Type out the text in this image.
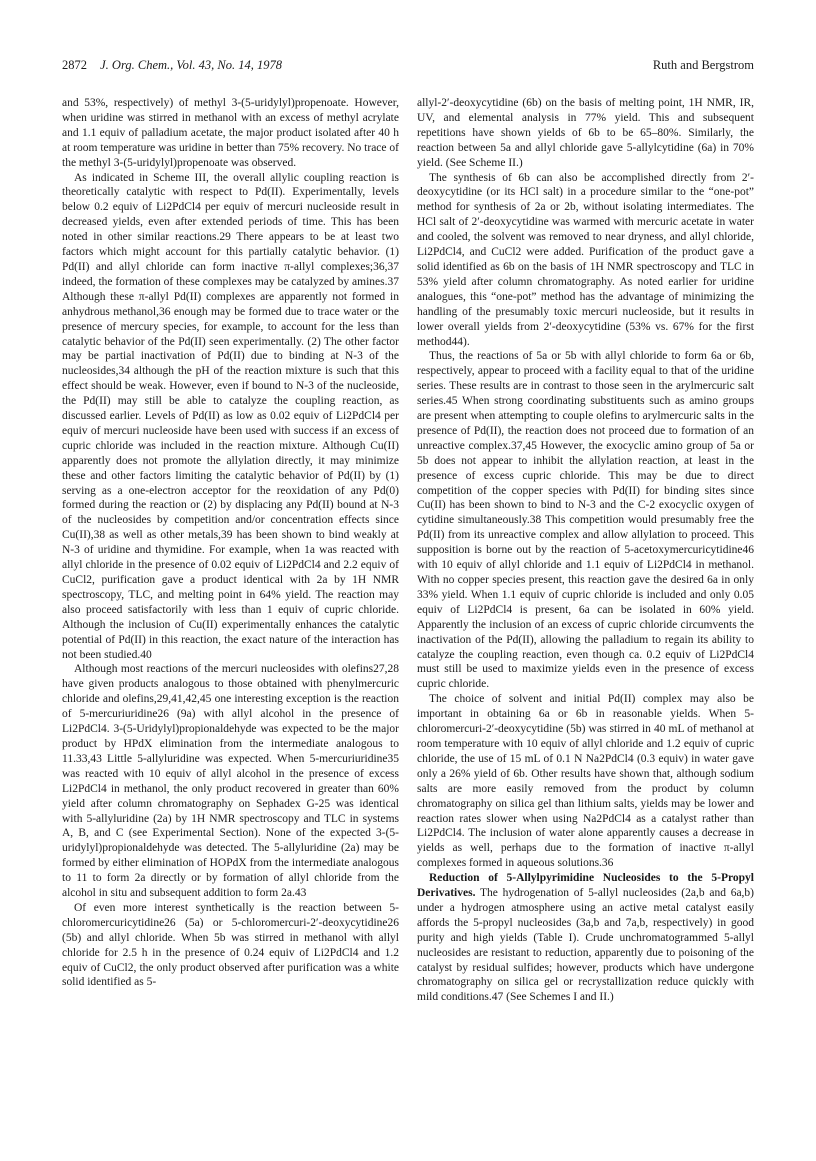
2872 J. Org. Chem., Vol. 43, No. 14, 1978	Ruth and Bergstrom

and 53%, respectively) of methyl 3-(5-uridylyl)propenoate. However, when uridine was stirred in methanol with an excess of methyl acrylate and 1.1 equiv of palladium acetate, the major product isolated after 40 h at room temperature was uridine in better than 75% recovery. No trace of the methyl 3-(5-uridylyl)propenoate was observed.

As indicated in Scheme III, the overall allylic coupling reaction is theoretically catalytic with respect to Pd(II). Experimentally, levels below 0.2 equiv of Li2PdCl4 per equiv of mercuri nucleoside result in decreased yields, even after extended periods of time. This has been noted in other similar reactions.29 There appears to be at least two factors which might account for this partially catalytic behavior. (1) Pd(II) and allyl chloride can form inactive π-allyl complexes;36,37 indeed, the formation of these complexes may be catalyzed by amines.37 Although these π-allyl Pd(II) complexes are apparently not formed in anhydrous methanol,36 enough may be formed due to trace water or the presence of mercury species, for example, to account for the less than catalytic behavior of the Pd(II) seen experimentally. (2) The other factor may be partial inactivation of Pd(II) due to binding at N-3 of the nucleosides,34 although the pH of the reaction mixture is such that this effect should be weak. However, even if bound to N-3 of the nucleoside, the Pd(II) may still be able to catalyze the coupling reaction, as discussed earlier. Levels of Pd(II) as low as 0.02 equiv of Li2PdCl4 per equiv of mercuri nucleoside have been used with success if an excess of cupric chloride was included in the reaction mixture. Although Cu(II) apparently does not promote the allylation directly, it may minimize these and other factors limiting the catalytic behavior of Pd(II) by (1) serving as a one-electron acceptor for the reoxidation of any Pd(0) formed during the reaction or (2) by displacing any Pd(II) bound at N-3 of the nucleosides by competition and/or concentration effects since Cu(II),38 as well as other metals,39 has been shown to bind weakly at N-3 of uridine and thymidine. For example, when 1a was reacted with allyl chloride in the presence of 0.02 equiv of Li2PdCl4 and 2.2 equiv of CuCl2, purification gave a product identical with 2a by 1H NMR spectroscopy, TLC, and melting point in 64% yield. The reaction may also proceed satisfactorily with less than 1 equiv of cupric chloride. Although the inclusion of Cu(II) experimentally enhances the catalytic potential of Pd(II) in this reaction, the exact nature of the interaction has not been studied.40

Although most reactions of the mercuri nucleosides with olefins27,28 have given products analogous to those obtained with phenylmercuric chloride and olefins,29,41,42,45 one interesting exception is the reaction of 5-mercuriuridine26 (9a) with allyl alcohol in the presence of Li2PdCl4. 3-(5-Uridylyl)propionaldehyde was expected to be the major product by HPdX elimination from the intermediate analogous to 11.33,43 Little 5-allyluridine was expected. When 5-mercuriuridine35 was reacted with 10 equiv of allyl alcohol in the presence of excess Li2PdCl4 in methanol, the only product recovered in greater than 60% yield after column chromatography on Sephadex G-25 was identical with 5-allyluridine (2a) by 1H NMR spectroscopy and TLC in systems A, B, and C (see Experimental Section). None of the expected 3-(5-uridylyl)propionaldehyde was detected. The 5-allyluridine (2a) may be formed by either elimination of HOPdX from the intermediate analogous to 11 to form 2a directly or by formation of allyl chloride from the alcohol in situ and subsequent addition to form 2a.43

Of even more interest synthetically is the reaction between 5-chloromercuricytidine26 (5a) or 5-chloromercuri-2′-deoxycytidine26 (5b) and allyl chloride. When 5b was stirred in methanol with allyl chloride for 2.5 h in the presence of 0.24 equiv of Li2PdCl4 and 1.2 equiv of CuCl2, the only product observed after purification was a white solid identified as 5-

allyl-2′-deoxycytidine (6b) on the basis of melting point, 1H NMR, IR, UV, and elemental analysis in 77% yield. This and subsequent repetitions have shown yields of 6b to be 65–80%. Similarly, the reaction between 5a and allyl chloride gave 5-allylcytidine (6a) in 70% yield. (See Scheme II.)

The synthesis of 6b can also be accomplished directly from 2′-deoxycytidine (or its HCl salt) in a procedure similar to the “one-pot” method for synthesis of 2a or 2b, without isolating intermediates. The HCl salt of 2′-deoxycytidine was warmed with mercuric acetate in water and cooled, the solvent was removed to near dryness, and allyl chloride, Li2PdCl4, and CuCl2 were added. Purification of the product gave a solid identified as 6b on the basis of 1H NMR spectroscopy and TLC in 53% yield after column chromatography. As noted earlier for uridine analogues, this “one-pot” method has the advantage of minimizing the handling of the presumably toxic mercuri nucleoside, but it results in lower overall yields from 2′-deoxycytidine (53% vs. 67% for the first method44).

Thus, the reactions of 5a or 5b with allyl chloride to form 6a or 6b, respectively, appear to proceed with a facility equal to that of the uridine series. These results are in contrast to those seen in the arylmercuric salt series.45 When strong coordinating substituents such as amino groups are present when attempting to couple olefins to arylmercuric salts in the presence of Pd(II), the reaction does not proceed due to formation of an unreactive complex.37,45 However, the exocyclic amino group of 5a or 5b does not appear to inhibit the allylation reaction, at least in the presence of excess cupric chloride. This may be due to direct competition of the copper species with Pd(II) for binding sites since Cu(II) has been shown to bind to N-3 and the C-2 exocyclic oxygen of cytidine simultaneously.38 This competition would presumably free the Pd(II) from its unreactive complex and allow allylation to proceed. This supposition is borne out by the reaction of 5-acetoxymercuricytidine46 with 10 equiv of allyl chloride and 1.1 equiv of Li2PdCl4 in methanol. With no copper species present, this reaction gave the desired 6a in only 33% yield. When 1.1 equiv of cupric chloride is included and only 0.05 equiv of Li2PdCl4 is present, 6a can be isolated in 60% yield. Apparently the inclusion of an excess of cupric chloride circumvents the inactivation of the Pd(II), allowing the palladium to regain its ability to catalyze the coupling reaction, even though ca. 0.2 equiv of Li2PdCl4 must still be used to maximize yields even in the presence of excess cupric chloride.

The choice of solvent and initial Pd(II) complex may also be important in obtaining 6a or 6b in reasonable yields. When 5-chloromercuri-2′-deoxycytidine (5b) was stirred in 40 mL of methanol at room temperature with 10 equiv of allyl chloride and 1.2 equiv of cupric chloride, the use of 15 mL of 0.1 N Na2PdCl4 (0.3 equiv) in water gave only a 26% yield of 6b. Other results have shown that, although sodium salts are more easily removed from the product by column chromatography on silica gel than lithium salts, yields may be lower and reaction rates slower when using Na2PdCl4 as a catalyst rather than Li2PdCl4. The inclusion of water alone apparently causes a decrease in yields as well, perhaps due to the formation of inactive π-allyl complexes formed in aqueous solutions.36

Reduction of 5-Allylpyrimidine Nucleosides to the 5-Propyl Derivatives. The hydrogenation of 5-allyl nucleosides (2a,b and 6a,b) under a hydrogen atmosphere using an active metal catalyst easily affords the 5-propyl nucleosides (3a,b and 7a,b, respectively) in good purity and high yields (Table I). Crude unchromatogrammed 5-allyl nucleosides are resistant to reduction, apparently due to poisoning of the catalyst by residual sulfides; however, products which have undergone chromatography on silica gel or recrystallization reduce quickly with mild conditions.47 (See Schemes I and II.)
